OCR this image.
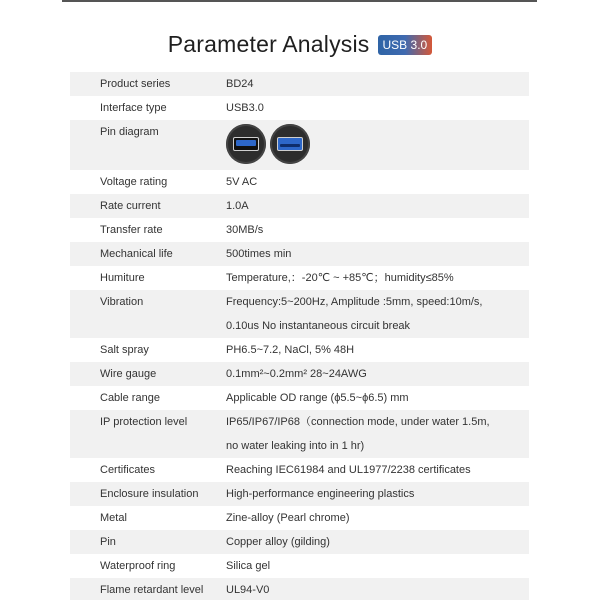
Parameter Analysis	USB 3.0
Product series	BD24
Interface type	USB3.0
Pin diagram
Voltage rating	5V AC
Rate current	1.0A
Transfer rate	30MB/s
Mechanical life	500times min
Humiture	Temperature,：-20℃ ~ +85℃；humidity≤85%
Vibration	Frequency:5~200Hz, Amplitude :5mm, speed:10m/s,
0.10us No instantaneous circuit break
Salt spray	PH6.5~7.2, NaCl, 5% 48H
Wire gauge	0.1mm²~0.2mm² 28~24AWG
Cable range	Applicable OD range (ϕ5.5~ϕ6.5) mm
IP protection level	IP65/IP67/IP68（connection mode, under water 1.5m,
no water leaking into in 1 hr)
Certificates	Reaching IEC61984 and UL1977/2238 certificates
Enclosure insulation	High-performance engineering plastics
Metal	Zine-alloy (Pearl chrome)
Pin	Copper alloy (gilding)
Waterproof ring	Silica gel
Flame retardant level	UL94-V0
